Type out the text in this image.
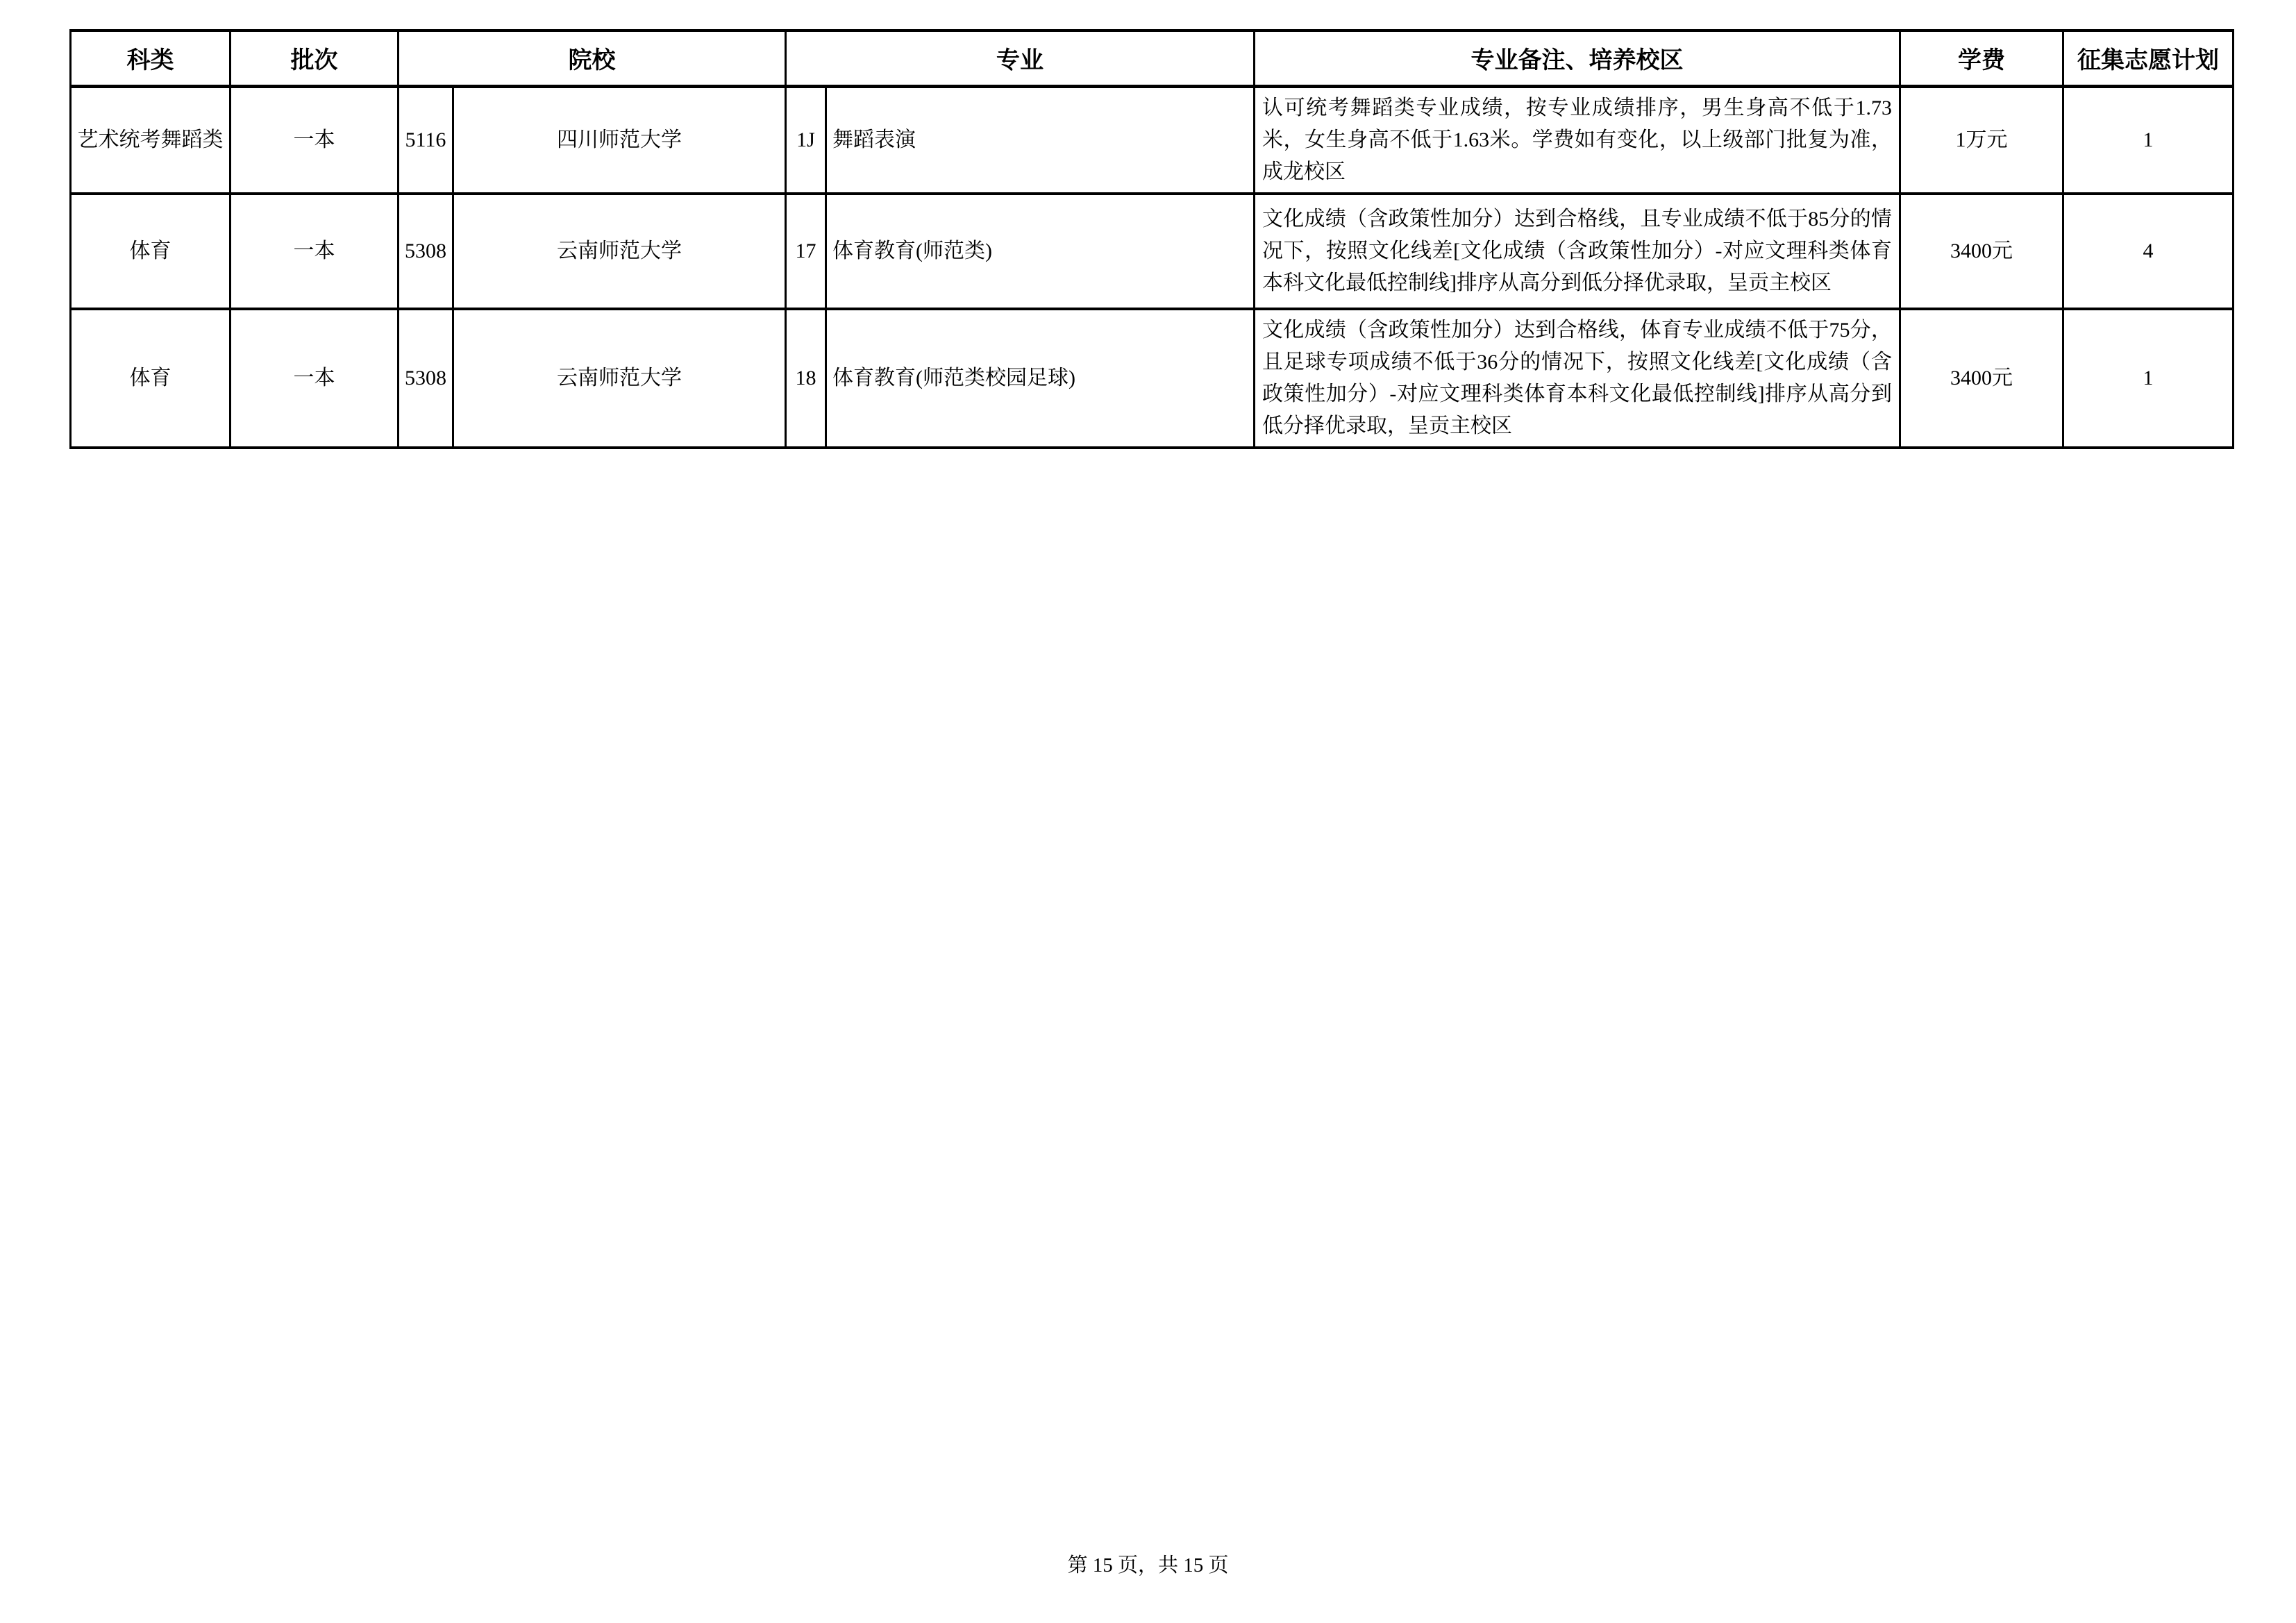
科类	批次	院校		专业		专业备注、培养校区	学费	征集志愿计划
艺术统考舞蹈类	一本	5116	四川师范大学	1J	舞蹈表演	认可统考舞蹈类专业成绩，按专业成绩排序，男生身高不低于1.73米，女生身高不低于1.63米。学费如有变化，以上级部门批复为准，成龙校区	1万元	1
体育	一本	5308	云南师范大学	17	体育教育(师范类)	文化成绩（含政策性加分）达到合格线，且专业成绩不低于85分的情况下，按照文化线差[文化成绩（含政策性加分）-对应文理科类体育本科文化最低控制线]排序从高分到低分择优录取，呈贡主校区	3400元	4
体育	一本	5308	云南师范大学	18	体育教育(师范类校园足球)	文化成绩（含政策性加分）达到合格线，体育专业成绩不低于75分，且足球专项成绩不低于36分的情况下，按照文化线差[文化成绩（含政策性加分）-对应文理科类体育本科文化最低控制线]排序从高分到低分择优录取，呈贡主校区	3400元	1
第 15 页，共 15 页
